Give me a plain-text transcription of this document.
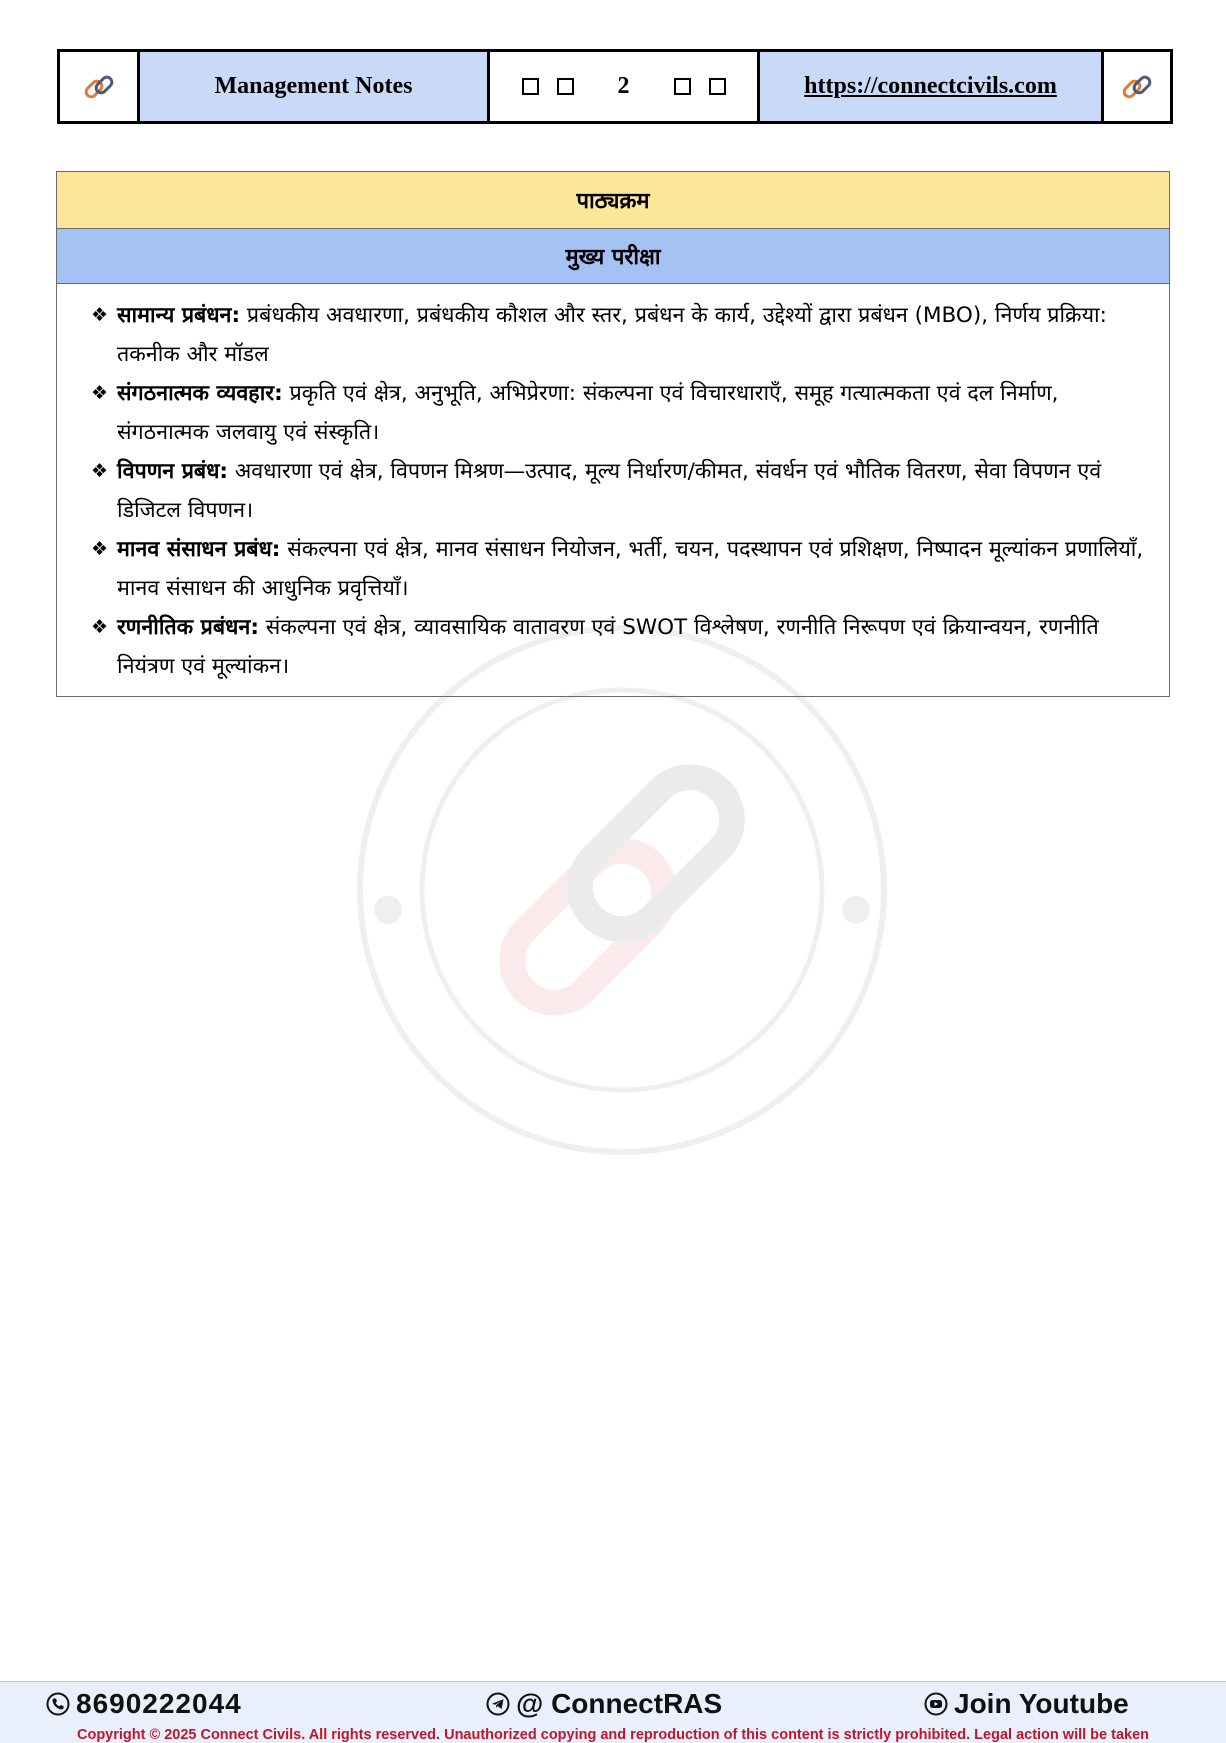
Management Notes	2	https://connectcivils.com
पाठ्यक्रम
मुख्य परीक्षा
❖ सामान्य प्रबंधन: प्रबंधकीय अवधारणा, प्रबंधकीय कौशल और स्तर, प्रबंधन के कार्य, उद्देश्यों द्वारा प्रबंधन (MBO), निर्णय प्रक्रिया: तकनीक और मॉडल
❖ संगठनात्मक व्यवहार: प्रकृति एवं क्षेत्र, अनुभूति, अभिप्रेरणा: संकल्पना एवं विचारधाराएँ, समूह गत्यात्मकता एवं दल निर्माण, संगठनात्मक जलवायु एवं संस्कृति।
❖ विपणन प्रबंध: अवधारणा एवं क्षेत्र, विपणन मिश्रण—उत्पाद, मूल्य निर्धारण/कीमत, संवर्धन एवं भौतिक वितरण, सेवा विपणन एवं डिजिटल विपणन।
❖ मानव संसाधन प्रबंध: संकल्पना एवं क्षेत्र, मानव संसाधन नियोजन, भर्ती, चयन, पदस्थापन एवं प्रशिक्षण, निष्पादन मूल्यांकन प्रणालियाँ, मानव संसाधन की आधुनिक प्रवृत्तियाँ।
❖ रणनीतिक प्रबंधन: संकल्पना एवं क्षेत्र, व्यावसायिक वातावरण एवं SWOT विश्लेषण, रणनीति निरूपण एवं क्रियान्वयन, रणनीति नियंत्रण एवं मूल्यांकन।
8690222044	@ ConnectRAS	Join Youtube
Copyright © 2025 Connect Civils. All rights reserved. Unauthorized copying and reproduction of this content is strictly prohibited. Legal action will be taken
